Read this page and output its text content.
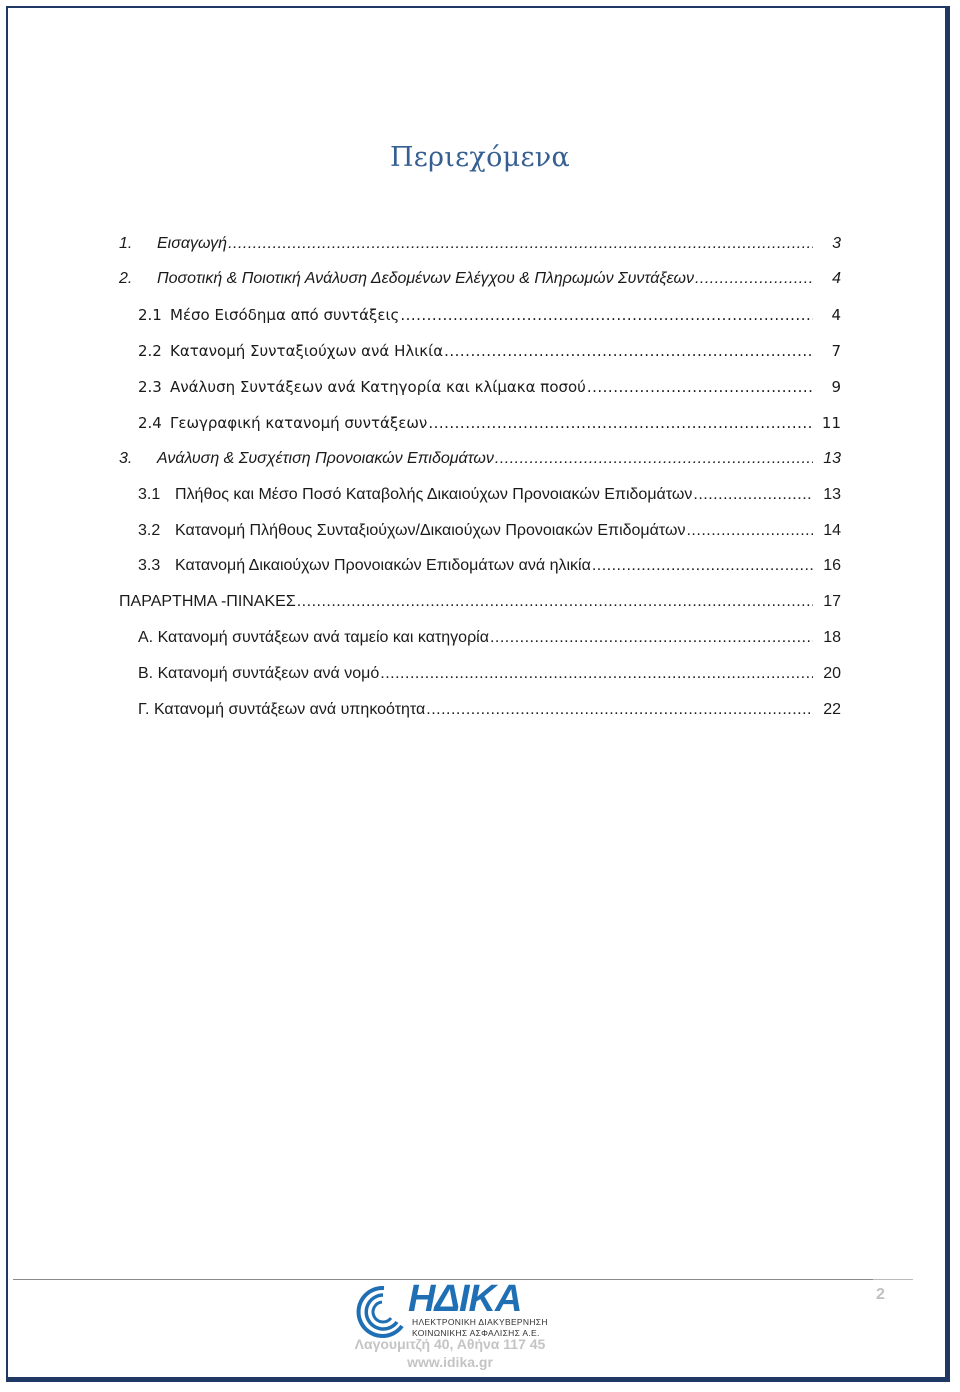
Περιεχόμενα
1.	Εισαγωγή .....	3
2.	Ποσοτική & Ποιοτική Ανάλυση Δεδομένων Ελέγχου & Πληρωμών Συντάξεων .....	4
2.1 Μέσο Εισόδημα από συντάξεις .....	4
2.2 Κατανομή Συνταξιούχων ανά Ηλικία .....	7
2.3 Ανάλυση Συντάξεων ανά Κατηγορία και κλίμακα ποσού .....	9
2.4 Γεωγραφική κατανομή συντάξεων .....	11
3.	Ανάλυση & Συσχέτιση Προνοιακών Επιδομάτων .....	13
3.1 Πλήθος και Μέσο Ποσό Καταβολής Δικαιούχων Προνοιακών Επιδομάτων .....	13
3.2 Κατανομή Πλήθους Συνταξιούχων/Δικαιούχων Προνοιακών Επιδομάτων .....	14
3.3 Κατανομή Δικαιούχων Προνοιακών Επιδομάτων ανά ηλικία .....	16
ΠΑΡΑΡΤΗΜΑ -ΠΙΝΑΚΕΣ .....	17
Α. Κατανομή συντάξεων ανά ταμείο και κατηγορία .....	18
Β. Κατανομή συντάξεων ανά νομό .....	20
Γ. Κατανομή συντάξεων ανά υπηκοότητα .....	22
2
ΗΔΙΚΑ
ΗΛΕΚΤΡΟΝΙΚΗ ΔΙΑΚΥΒΕΡΝΗΣΗ
ΚΟΙΝΩΝΙΚΗΣ ΑΣΦΑΛΙΣΗΣ Α.Ε.
Λαγουμιτζή 40, Αθήνα 117 45
www.idika.gr
